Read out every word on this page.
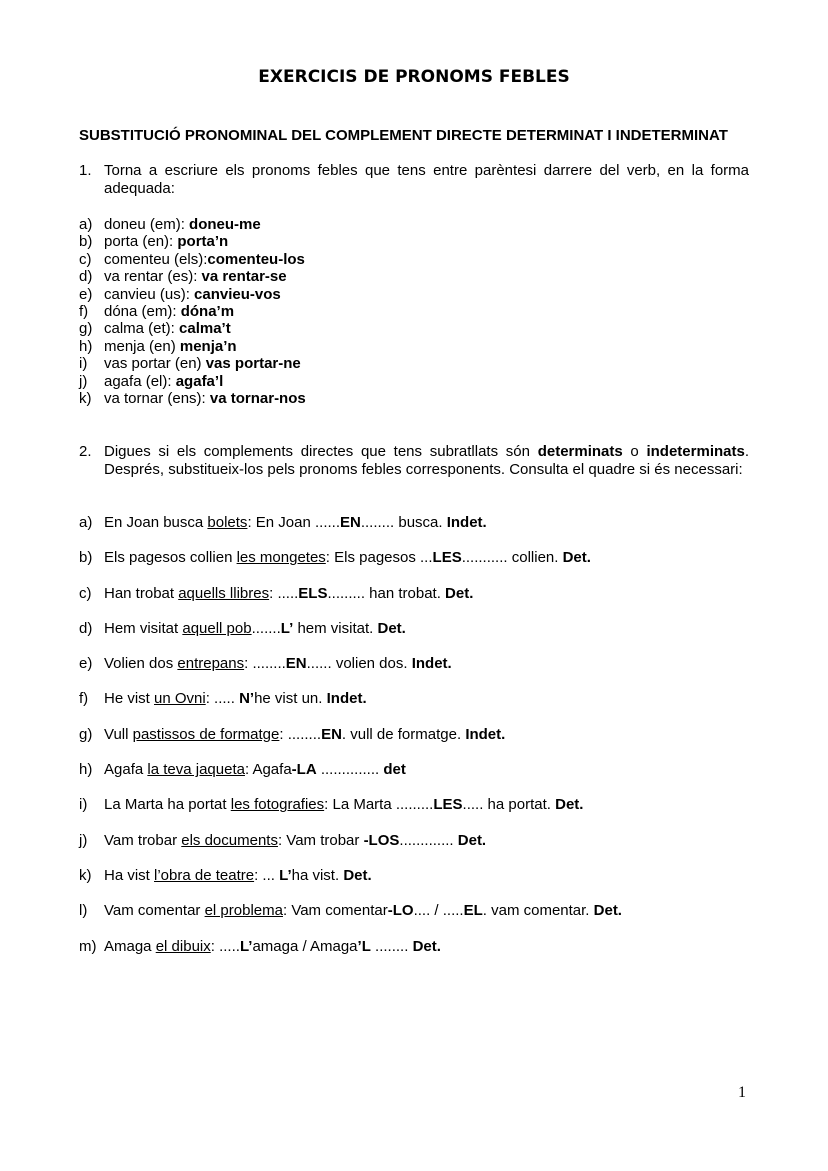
EXERCICIS DE PRONOMS FEBLES
SUBSTITUCIÓ PRONOMINAL DEL COMPLEMENT DIRECTE DETERMINAT I INDETERMINAT
1. Torna a escriure els pronoms febles que tens entre parèntesi darrere del verb, en la forma adequada:
a) doneu (em): doneu-me
b) porta (en): porta’n
c) comenteu (els):comenteu-los
d) va rentar (es): va rentar-se
e) canvieu (us): canvieu-vos
f) dóna (em): dóna’m
g) calma (et): calma’t
h) menja (en) menja’n
i) vas portar (en) vas portar-ne
j) agafa (el): agafa’l
k) va tornar (ens): va tornar-nos
2. Digues si els complements directes que tens subratllats són determinats o indeterminats. Després, substitueix-los pels pronoms febles corresponents. Consulta el quadre si és necessari:
a) En Joan busca bolets: En Joan ......EN........ busca. Indet.
b) Els pagesos collien les mongetes: Els pagesos ...LES........... collien. Det.
c) Han trobat aquells llibres: .....ELS......... han trobat. Det.
d) Hem visitat aquell pob.......L’ hem visitat. Det.
e) Volien dos entrepans: ........EN...... volien dos. Indet.
f) He vist un Ovni: ..... N’he vist un. Indet.
g) Vull pastissos de formatge: ........EN. vull de formatge. Indet.
h) Agafa la teva jaqueta: Agafa-LA .............. det
i) La Marta ha portat les fotografies: La Marta .........LES..... ha portat. Det.
j) Vam trobar els documents: Vam trobar -LOS............. Det.
k) Ha vist l’obra de teatre: ... L’ha vist. Det.
l) Vam comentar el problema: Vam comentar-LO.... / .....EL. vam comentar. Det.
m) Amaga el dibuix: .....L’amaga / Amaga’L ........ Det.
1
